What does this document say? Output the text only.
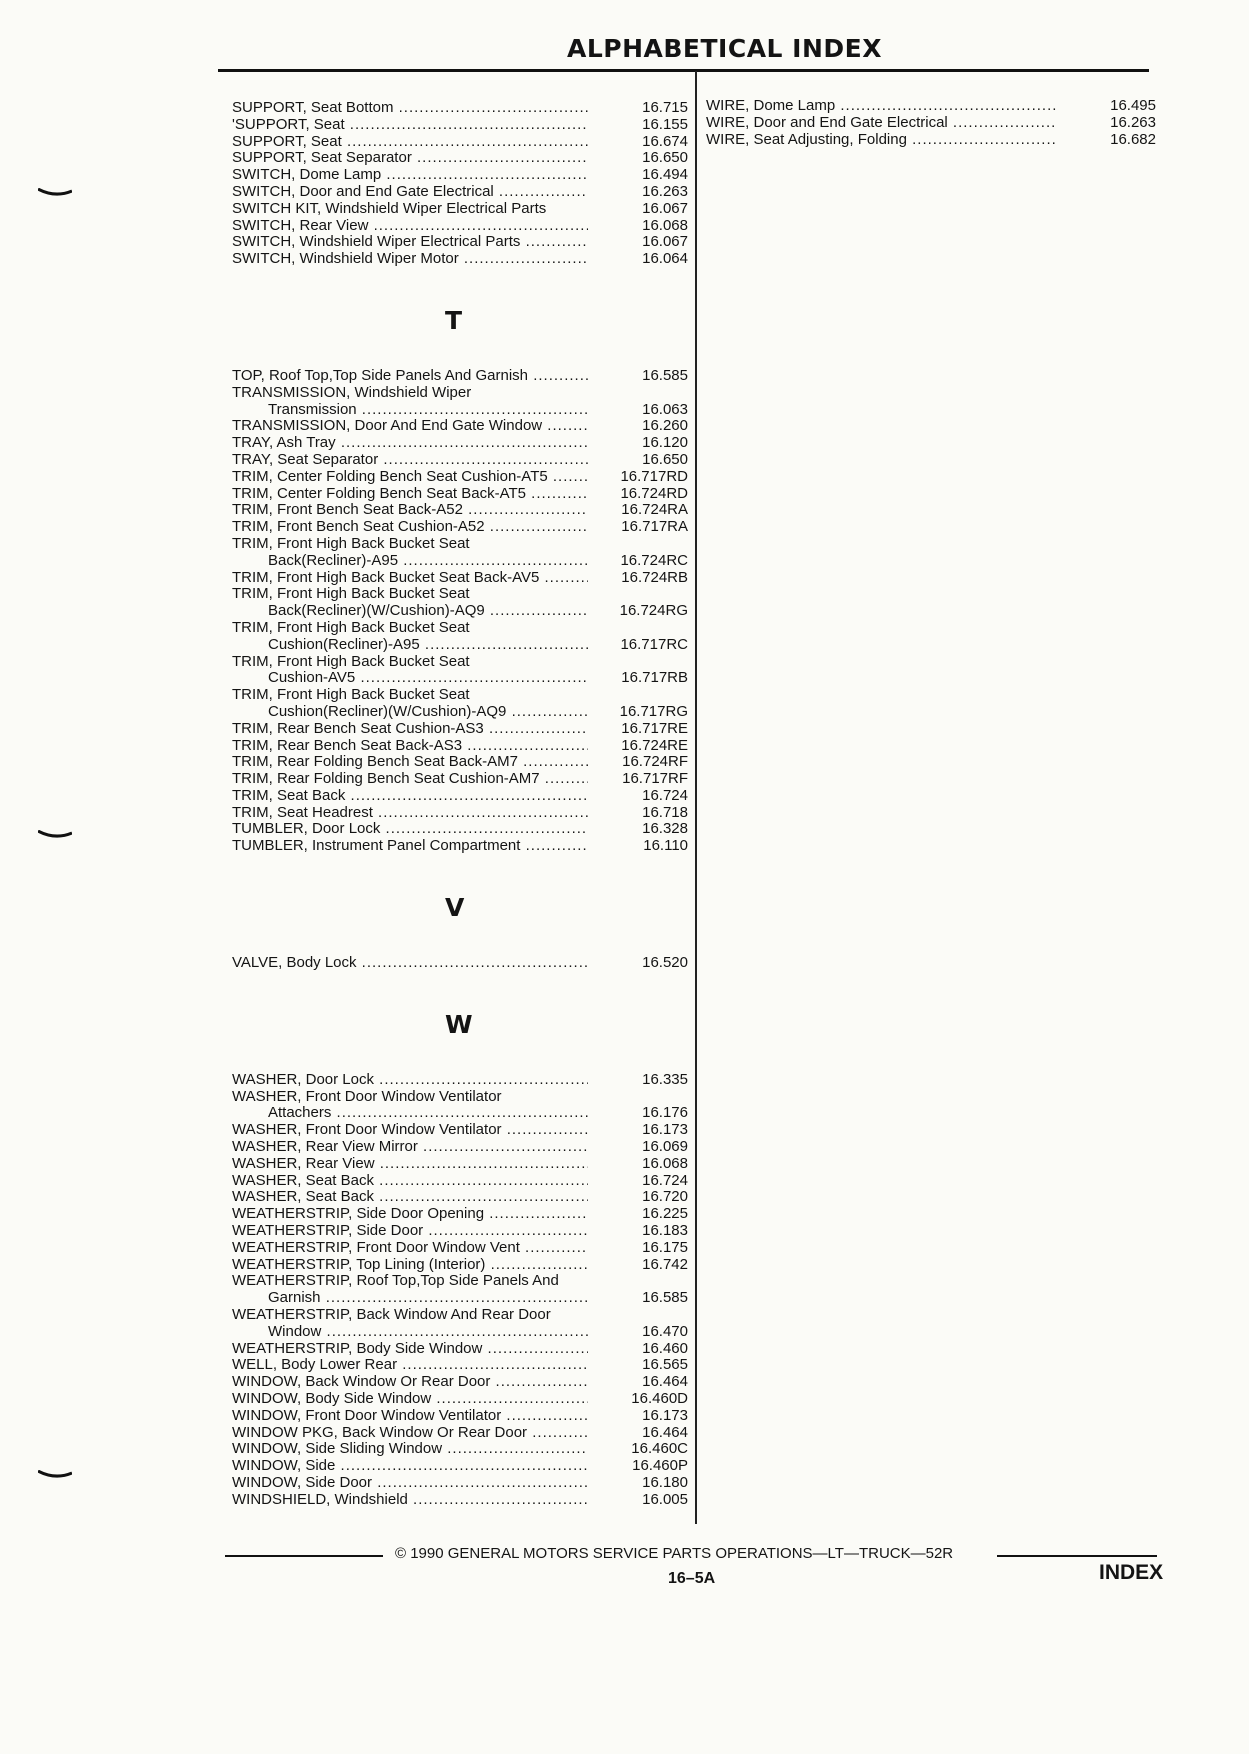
ALPHABETICAL INDEX
SUPPORT, Seat Bottom .....	16.715
'SUPPORT, Seat .....	16.155
SUPPORT, Seat .....	16.674
SUPPORT, Seat Separator .....	16.650
SWITCH, Dome Lamp .....	16.494
SWITCH, Door and End Gate Electrical .....	16.263
SWITCH KIT, Windshield Wiper Electrical Parts	16.067
SWITCH, Rear View .....	16.068
SWITCH, Windshield Wiper Electrical Parts .....	16.067
SWITCH, Windshield Wiper Motor .....	16.064
T
TOP, Roof Top,Top Side Panels And Garnish .....	16.585
TRANSMISSION, Windshield Wiper
Transmission .....	16.063
TRANSMISSION, Door And End Gate Window .....	16.260
TRAY, Ash Tray .....	16.120
TRAY, Seat Separator .....	16.650
TRIM, Center Folding Bench Seat Cushion-AT5 .....	16.717RD
TRIM, Center Folding Bench Seat Back-AT5 .....	16.724RD
TRIM, Front Bench Seat Back-A52 .....	16.724RA
TRIM, Front Bench Seat Cushion-A52 .....	16.717RA
TRIM, Front High Back Bucket Seat
Back(Recliner)-A95 .....	16.724RC
TRIM, Front High Back Bucket Seat Back-AV5 .....	16.724RB
TRIM, Front High Back Bucket Seat
Back(Recliner)(W/Cushion)-AQ9 .....	16.724RG
TRIM, Front High Back Bucket Seat
Cushion(Recliner)-A95 .....	16.717RC
TRIM, Front High Back Bucket Seat
Cushion-AV5 .....	16.717RB
TRIM, Front High Back Bucket Seat
Cushion(Recliner)(W/Cushion)-AQ9 .....	16.717RG
TRIM, Rear Bench Seat Cushion-AS3 .....	16.717RE
TRIM, Rear Bench Seat Back-AS3 .....	16.724RE
TRIM, Rear Folding Bench Seat Back-AM7 .....	16.724RF
TRIM, Rear Folding Bench Seat Cushion-AM7 .....	16.717RF
TRIM, Seat Back .....	16.724
TRIM, Seat Headrest .....	16.718
TUMBLER, Door Lock .....	16.328
TUMBLER, Instrument Panel Compartment .....	16.110
V
VALVE, Body Lock .....	16.520
W
WASHER, Door Lock .....	16.335
WASHER, Front Door Window Ventilator
Attachers .....	16.176
WASHER, Front Door Window Ventilator .....	16.173
WASHER, Rear View Mirror .....	16.069
WASHER, Rear View .....	16.068
WASHER, Seat Back .....	16.724
WASHER, Seat Back .....	16.720
WEATHERSTRIP, Side Door Opening .....	16.225
WEATHERSTRIP, Side Door .....	16.183
WEATHERSTRIP, Front Door Window Vent .....	16.175
WEATHERSTRIP, Top Lining (Interior) .....	16.742
WEATHERSTRIP, Roof Top,Top Side Panels And
Garnish .....	16.585
WEATHERSTRIP, Back Window And Rear Door
Window .....	16.470
WEATHERSTRIP, Body Side Window .....	16.460
WELL, Body Lower Rear .....	16.565
WINDOW, Back Window Or Rear Door .....	16.464
WINDOW, Body Side Window .....	16.460D
WINDOW, Front Door Window Ventilator .....	16.173
WINDOW PKG, Back Window Or Rear Door .....	16.464
WINDOW, Side Sliding Window .....	16.460C
WINDOW, Side .....	16.460P
WINDOW, Side Door .....	16.180
WINDSHIELD, Windshield .....	16.005
WIRE, Dome Lamp .....	16.495
WIRE, Door and End Gate Electrical .....	16.263
WIRE, Seat Adjusting, Folding .....	16.682
© 1990 GENERAL MOTORS SERVICE PARTS OPERATIONS—LT—TRUCK—52R
16–5A	INDEX
